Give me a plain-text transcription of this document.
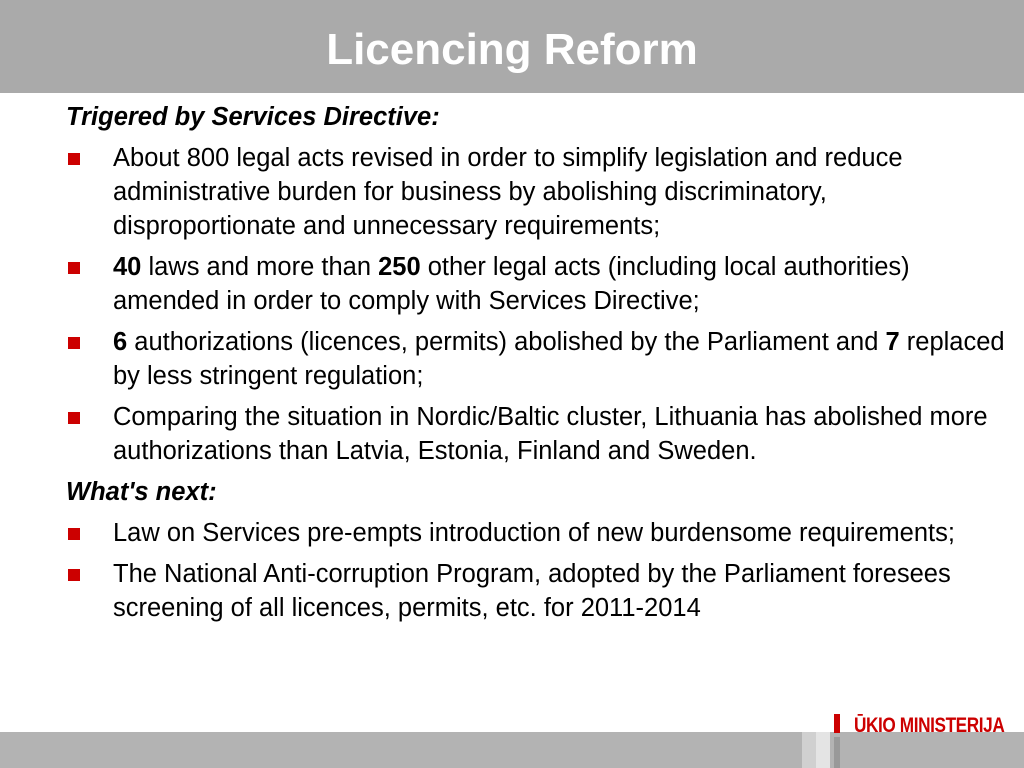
Licencing Reform
Trigered by Services Directive:
About 800 legal acts revised in order to simplify legislation and reduce administrative burden for business by abolishing discriminatory, disproportionate and unnecessary requirements;
40 laws and more than 250 other legal acts (including local authorities) amended in order to comply with Services Directive;
6 authorizations (licences, permits) abolished by the Parliament and 7 replaced by less stringent regulation;
Comparing the situation in Nordic/Baltic cluster, Lithuania has abolished more authorizations than Latvia, Estonia, Finland and Sweden.
What's next:
Law on Services pre-empts introduction of new burdensome requirements;
The National Anti-corruption Program, adopted by the Parliament foresees screening of all licences, permits, etc. for 2011-2014
ŪKIO MINISTERIJA
